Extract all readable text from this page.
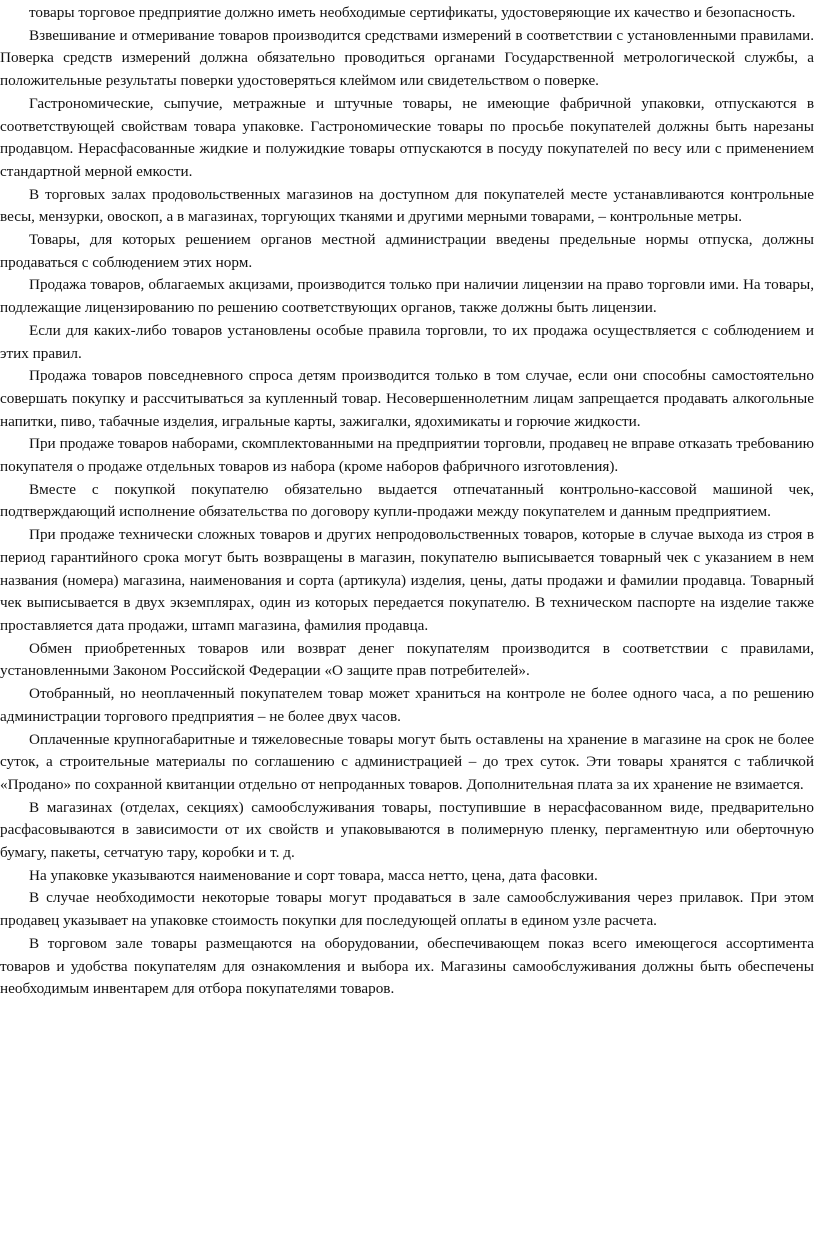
товары торговое предприятие должно иметь необходимые сертификаты, удостоверяющие их качество и безопасность.

Взвешивание и отмеривание товаров производится средствами измерений в соответствии с установленными правилами. Поверка средств измерений должна обязательно проводиться органами Государственной метрологической службы, а положительные результаты поверки удостоверяться клеймом или свидетельством о поверке.

Гастрономические, сыпучие, метражные и штучные товары, не имеющие фабричной упаковки, отпускаются в соответствующей свойствам товара упаковке. Гастрономические товары по просьбе покупателей должны быть нарезаны продавцом. Нерасфасованные жидкие и полужидкие товары отпускаются в посуду покупателей по весу или с применением стандартной мерной емкости.

В торговых залах продовольственных магазинов на доступном для покупателей месте устанавливаются контрольные весы, мензурки, овоскоп, а в магазинах, торгующих тканями и другими мерными товарами, – контрольные метры.

Товары, для которых решением органов местной администрации введены предельные нормы отпуска, должны продаваться с соблюдением этих норм.

Продажа товаров, облагаемых акцизами, производится только при наличии лицензии на право торговли ими. На товары, подлежащие лицензированию по решению соответствующих органов, также должны быть лицензии.

Если для каких-либо товаров установлены особые правила торговли, то их продажа осуществляется с соблюдением и этих правил.

Продажа товаров повседневного спроса детям производится только в том случае, если они способны самостоятельно совершать покупку и рассчитываться за купленный товар. Несовершеннолетним лицам запрещается продавать алкогольные напитки, пиво, табачные изделия, игральные карты, зажигалки, ядохимикаты и горючие жидкости.

При продаже товаров наборами, скомплектованными на предприятии торговли, продавец не вправе отказать требованию покупателя о продаже отдельных товаров из набора (кроме наборов фабричного изготовления).

Вместе с покупкой покупателю обязательно выдается отпечатанный контрольно-кассовой машиной чек, подтверждающий исполнение обязательства по договору купли-продажи между покупателем и данным предприятием.

При продаже технически сложных товаров и других непродовольственных товаров, которые в случае выхода из строя в период гарантийного срока могут быть возвращены в магазин, покупателю выписывается товарный чек с указанием в нем названия (номера) магазина, наименования и сорта (артикула) изделия, цены, даты продажи и фамилии продавца. Товарный чек выписывается в двух экземплярах, один из которых передается покупателю. В техническом паспорте на изделие также проставляется дата продажи, штамп магазина, фамилия продавца.

Обмен приобретенных товаров или возврат денег покупателям производится в соответствии с правилами, установленными Законом Российской Федерации «О защите прав потребителей».

Отобранный, но неоплаченный покупателем товар может храниться на контроле не более одного часа, а по решению администрации торгового предприятия – не более двух часов.

Оплаченные крупногабаритные и тяжеловесные товары могут быть оставлены на хранение в магазине на срок не более суток, а строительные материалы по соглашению с администрацией – до трех суток. Эти товары хранятся с табличкой «Продано» по сохранной квитанции отдельно от непроданных товаров. Дополнительная плата за их хранение не взимается.

В магазинах (отделах, секциях) самообслуживания товары, поступившие в нерасфасованном виде, предварительно расфасовываются в зависимости от их свойств и упаковываются в полимерную пленку, пергаментную или оберточную бумагу, пакеты, сетчатую тару, коробки и т. д.

На упаковке указываются наименование и сорт товара, масса нетто, цена, дата фасовки.

В случае необходимости некоторые товары могут продаваться в зале самообслуживания через прилавок. При этом продавец указывает на упаковке стоимость покупки для последующей оплаты в едином узле расчета.

В торговом зале товары размещаются на оборудовании, обеспечивающем показ всего имеющегося ассортимента товаров и удобства покупателям для ознакомления и выбора их. Магазины самообслуживания должны быть обеспечены необходимым инвентарем для отбора покупателями товаров.
